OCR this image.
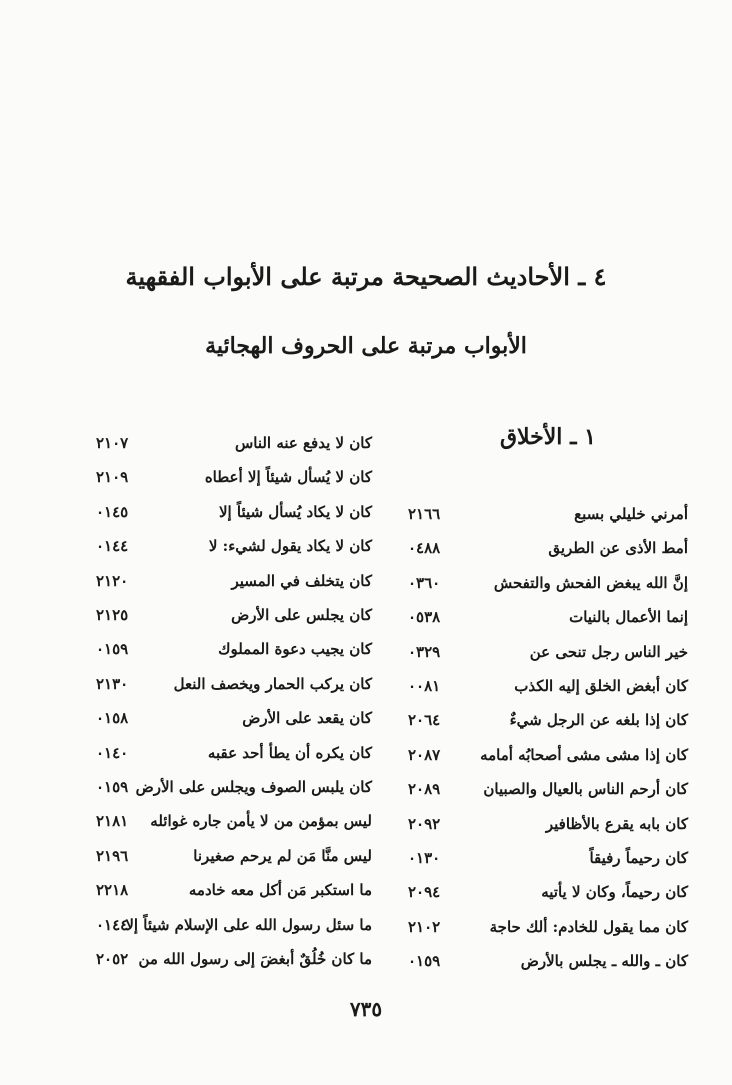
٤ ـ الأحاديث الصحيحة مرتبة على الأبواب الفقهية
الأبواب مرتبة على الحروف الهجائية
١ ـ الأخلاق
أمرني خليلي بسبع
٢١٦٦
أمط الأذى عن الطريق
٠٤٨٨
إنَّ الله يبغض الفحش والتفحش
٠٣٦٠
إنما الأعمال بالنيات
٠٥٣٨
خير الناس رجل تنحى عن
٠٣٢٩
كان أبغض الخلق إليه الكذب
٠٠٨١
كان إذا بلغه عن الرجل شيءٌ
٢٠٦٤
كان إذا مشى مشى أصحابُه أمامه
٢٠٨٧
كان أرحم الناس بالعيال والصبيان
٢٠٨٩
كان بابه يقرع بالأظافير
٢٠٩٢
كان رحيماً رفيقاً
٠١٣٠
كان رحيماً، وكان لا يأتيه
٢٠٩٤
كان مما يقول للخادم: ألك حاجة
٢١٠٢
كان ـ والله ـ يجلس بالأرض
٠١٥٩
كان لا يدفع عنه الناس
٢١٠٧
كان لا يُسأل شيئاً إلا أعطاه
٢١٠٩
كان لا يكاد يُسأل شيئاً إلا
٠١٤٥
كان لا يكاد يقول لشيء: لا
٠١٤٤
كان يتخلف في المسير
٢١٢٠
كان يجلس على الأرض
٢١٢٥
كان يجيب دعوة المملوك
٠١٥٩
كان يركب الحمار ويخصف النعل
٢١٣٠
كان يقعد على الأرض
٠١٥٨
كان يكره أن يطأ أحد عقبه
٠١٤٠
كان يلبس الصوف ويجلس على الأرض
٠١٥٩
ليس بمؤمن من لا يأمن جاره غوائله
٢١٨١
ليس منَّا مَن لم يرحم صغيرنا
٢١٩٦
ما استكبر مَن أكل معه خادمه
٢٢١٨
ما سئل رسول الله على الإسلام شيئاً إلا
٠١٤٤
ما كان خُلُقٌ أبغضَ إلى رسول الله من
٢٠٥٢
٧٣٥
